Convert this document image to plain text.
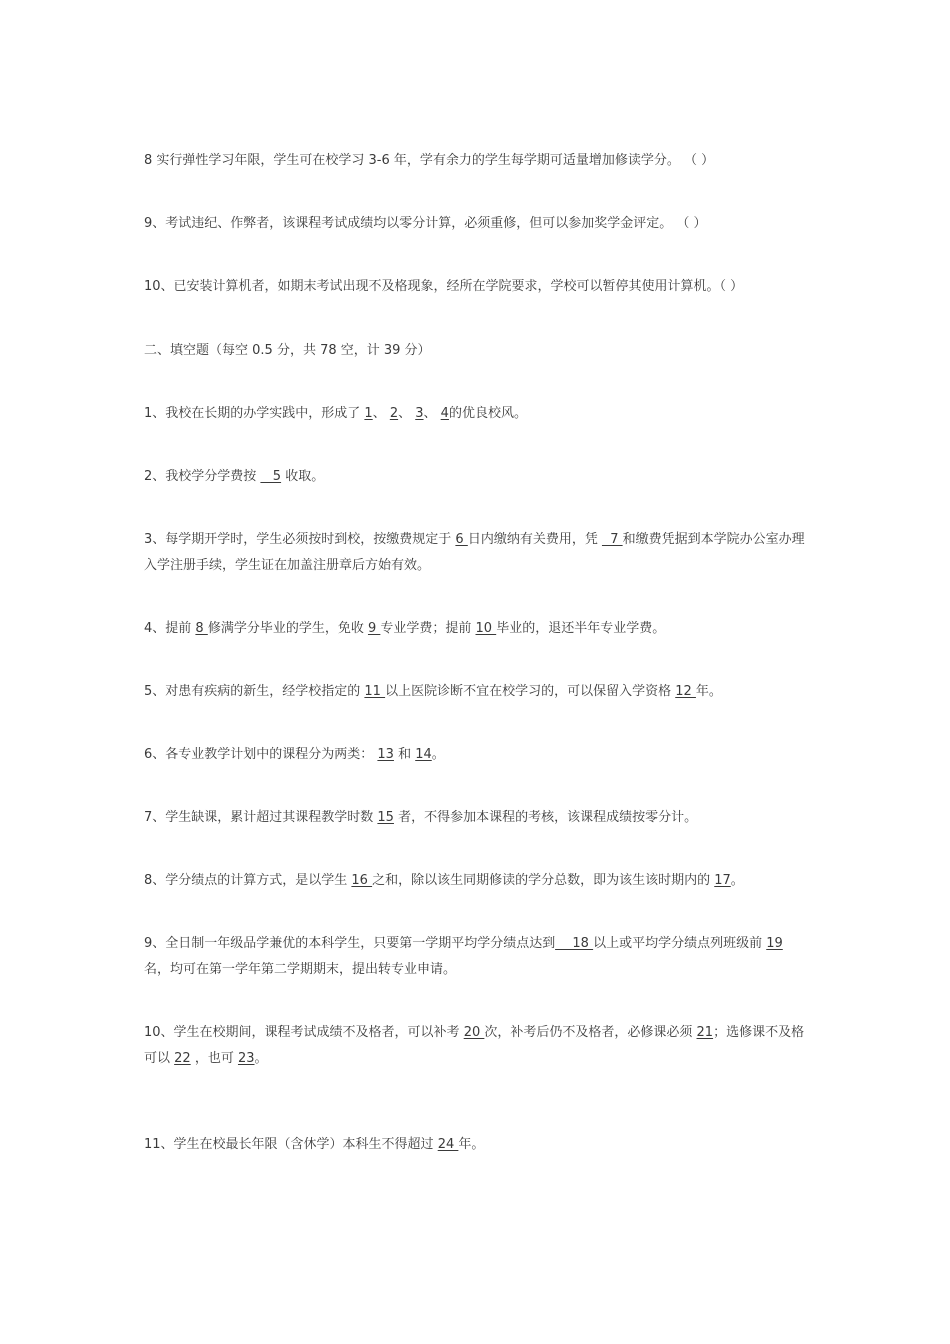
8 实行弹性学习年限，学生可在校学习 3-6 年，学有余力的学生每学期可适量增加修读学分。 （ ）
9、考试违纪、作弊者，该课程考试成绩均以零分计算，必须重修，但可以参加奖学金评定。 （ ）
10、已安装计算机者，如期末考试出现不及格现象，经所在学院要求，学校可以暂停其使用计算机。（ ）
二、填空题（每空 0.5 分，共 78 空，计 39 分）
1、我校在长期的办学实践中，形成了 1、 2、 3、 4的优良校风。
2、我校学分学费按    5 收取。
3、每学期开学时，学生必须按时到校，按缴费规定于 6 日内缴纳有关费用，凭   7 和缴费凭据到本学院办公室办理入学注册手续，学生证在加盖注册章后方始有效。
4、提前 8 修满学分毕业的学生，免收 9 专业学费；提前 10 毕业的，退还半年专业学费。
5、对患有疾病的新生，经学校指定的 11 以上医院诊断不宜在校学习的，可以保留入学资格 12 年。
6、各专业教学计划中的课程分为两类： 13 和 14。
7、学生缺课，累计超过其课程教学时数 15 者，不得参加本课程的考核，该课程成绩按零分计。
8、学分绩点的计算方式，是以学生 16 之和，除以该生同期修读的学分总数，即为该生该时期内的 17。
9、全日制一年级品学兼优的本科学生，只要第一学期平均学分绩点达到__ 18 以上或平均学分绩点列班级前 19 名，均可在第一学年第二学期期末，提出转专业申请。
10、学生在校期间，课程考试成绩不及格者，可以补考 20 次，补考后仍不及格者，必修课必须 21；选修课不及格可以 22 ，也可 23。
11、学生在校最长年限（含休学）本科生不得超过 24 年。
